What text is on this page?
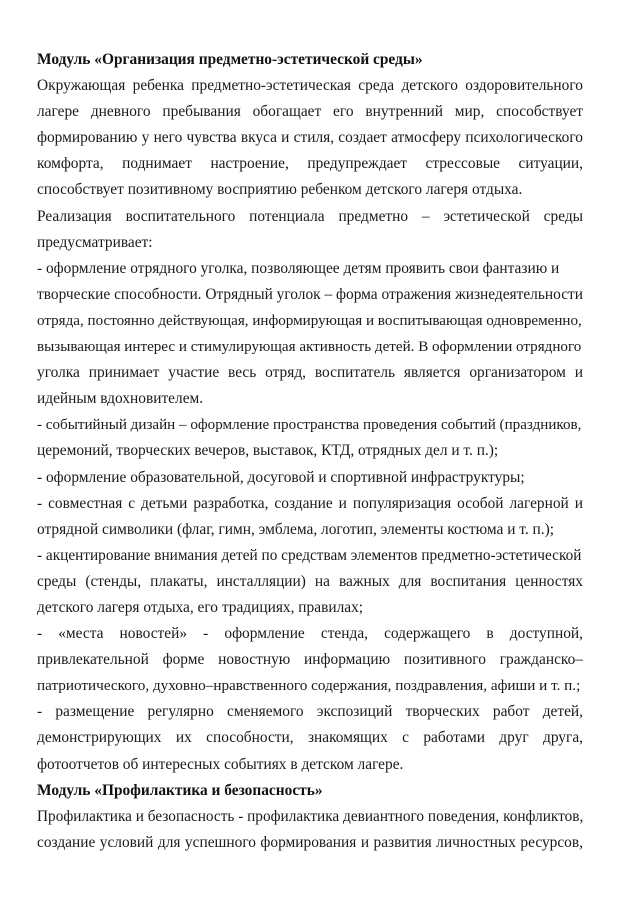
Модуль «Организация предметно-эстетической среды»
Окружающая ребенка предметно-эстетическая среда детского оздоровительного
лагере дневного пребывания обогащает его внутренний мир, способствует
формированию у него чувства вкуса и стиля, создает атмосферу психологического
комфорта, поднимает настроение, предупреждает стрессовые ситуации,
способствует позитивному восприятию ребенком детского лагеря отдыха.
Реализация воспитательного потенциала предметно – эстетической среды
предусматривает:
- оформление отрядного уголка, позволяющее детям проявить свои фантазию и
творческие способности. Отрядный уголок – форма отражения жизнедеятельности
отряда, постоянно действующая, информирующая и воспитывающая одновременно,
вызывающая интерес и стимулирующая активность детей. В оформлении отрядного
уголка принимает участие весь отряд, воспитатель является организатором и
идейным вдохновителем.
- событийный дизайн – оформление пространства проведения событий (праздников,
церемоний, творческих вечеров, выставок, КТД, отрядных дел и т. п.);
- оформление образовательной, досуговой и спортивной инфраструктуры;
- совместная с детьми разработка, создание и популяризация особой лагерной и
отрядной символики (флаг, гимн, эмблема, логотип, элементы костюма и т. п.);
- акцентирование внимания детей по средствам элементов предметно-эстетической
среды (стенды, плакаты, инсталляции) на важных для воспитания ценностях
детского лагеря отдыха, его традициях, правилах;
- «места новостей» - оформление стенда, содержащего в доступной,
привлекательной форме новостную информацию позитивного гражданско–
патриотического, духовно–нравственного содержания, поздравления, афиши и т. п.;
- размещение регулярно сменяемого экспозиций творческих работ детей,
демонстрирующих их способности, знакомящих с работами друг друга,
фотоотчетов об интересных событиях в детском лагере.
Модуль «Профилактика и безопасность»
Профилактика и безопасность - профилактика девиантного поведения, конфликтов,
создание условий для успешного формирования и развития личностных ресурсов,
